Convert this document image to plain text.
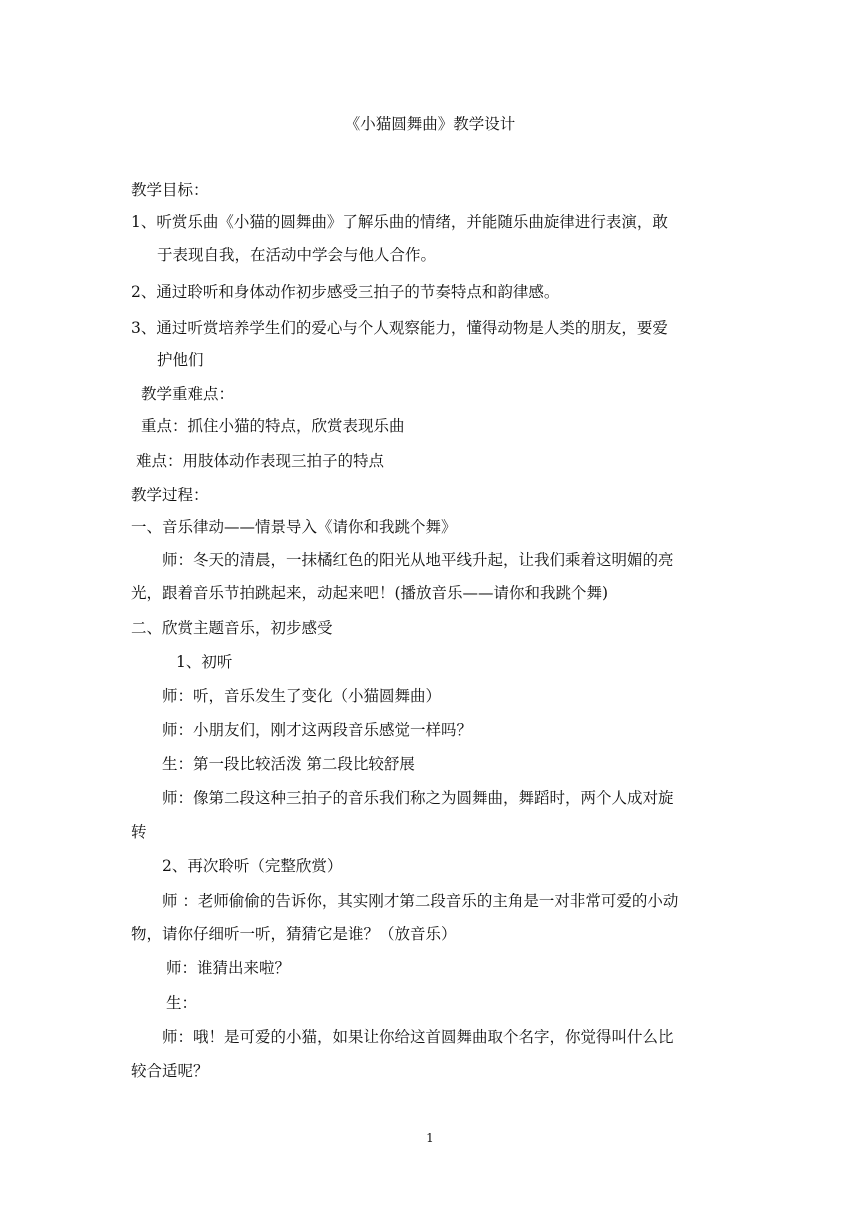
《小猫圆舞曲》教学设计
教学目标：
1、听赏乐曲《小猫的圆舞曲》了解乐曲的情绪，并能随乐曲旋律进行表演，敢
于表现自我，在活动中学会与他人合作。
2、通过聆听和身体动作初步感受三拍子的节奏特点和韵律感。
3、通过听赏培养学生们的爱心与个人观察能力，懂得动物是人类的朋友，要爱
护他们
教学重难点：
重点：抓住小猫的特点，欣赏表现乐曲
难点：用肢体动作表现三拍子的特点
教学过程：
一、音乐律动——情景导入《请你和我跳个舞》
师：冬天的清晨，一抹橘红色的阳光从地平线升起，让我们乘着这明媚的亮
光，跟着音乐节拍跳起来，动起来吧！(播放音乐——请你和我跳个舞)
二、欣赏主题音乐，初步感受
1、初听
师：听，音乐发生了变化（小猫圆舞曲）
师：小朋友们，刚才这两段音乐感觉一样吗？
生：第一段比较活泼 第二段比较舒展
师：像第二段这种三拍子的音乐我们称之为圆舞曲，舞蹈时，两个人成对旋
转
2、再次聆听（完整欣赏）
师 ：老师偷偷的告诉你，其实刚才第二段音乐的主角是一对非常可爱的小动
物，请你仔细听一听，猜猜它是谁？（放音乐）
师：谁猜出来啦？
生：
师：哦！是可爱的小猫，如果让你给这首圆舞曲取个名字，你觉得叫什么比
较合适呢？
1
